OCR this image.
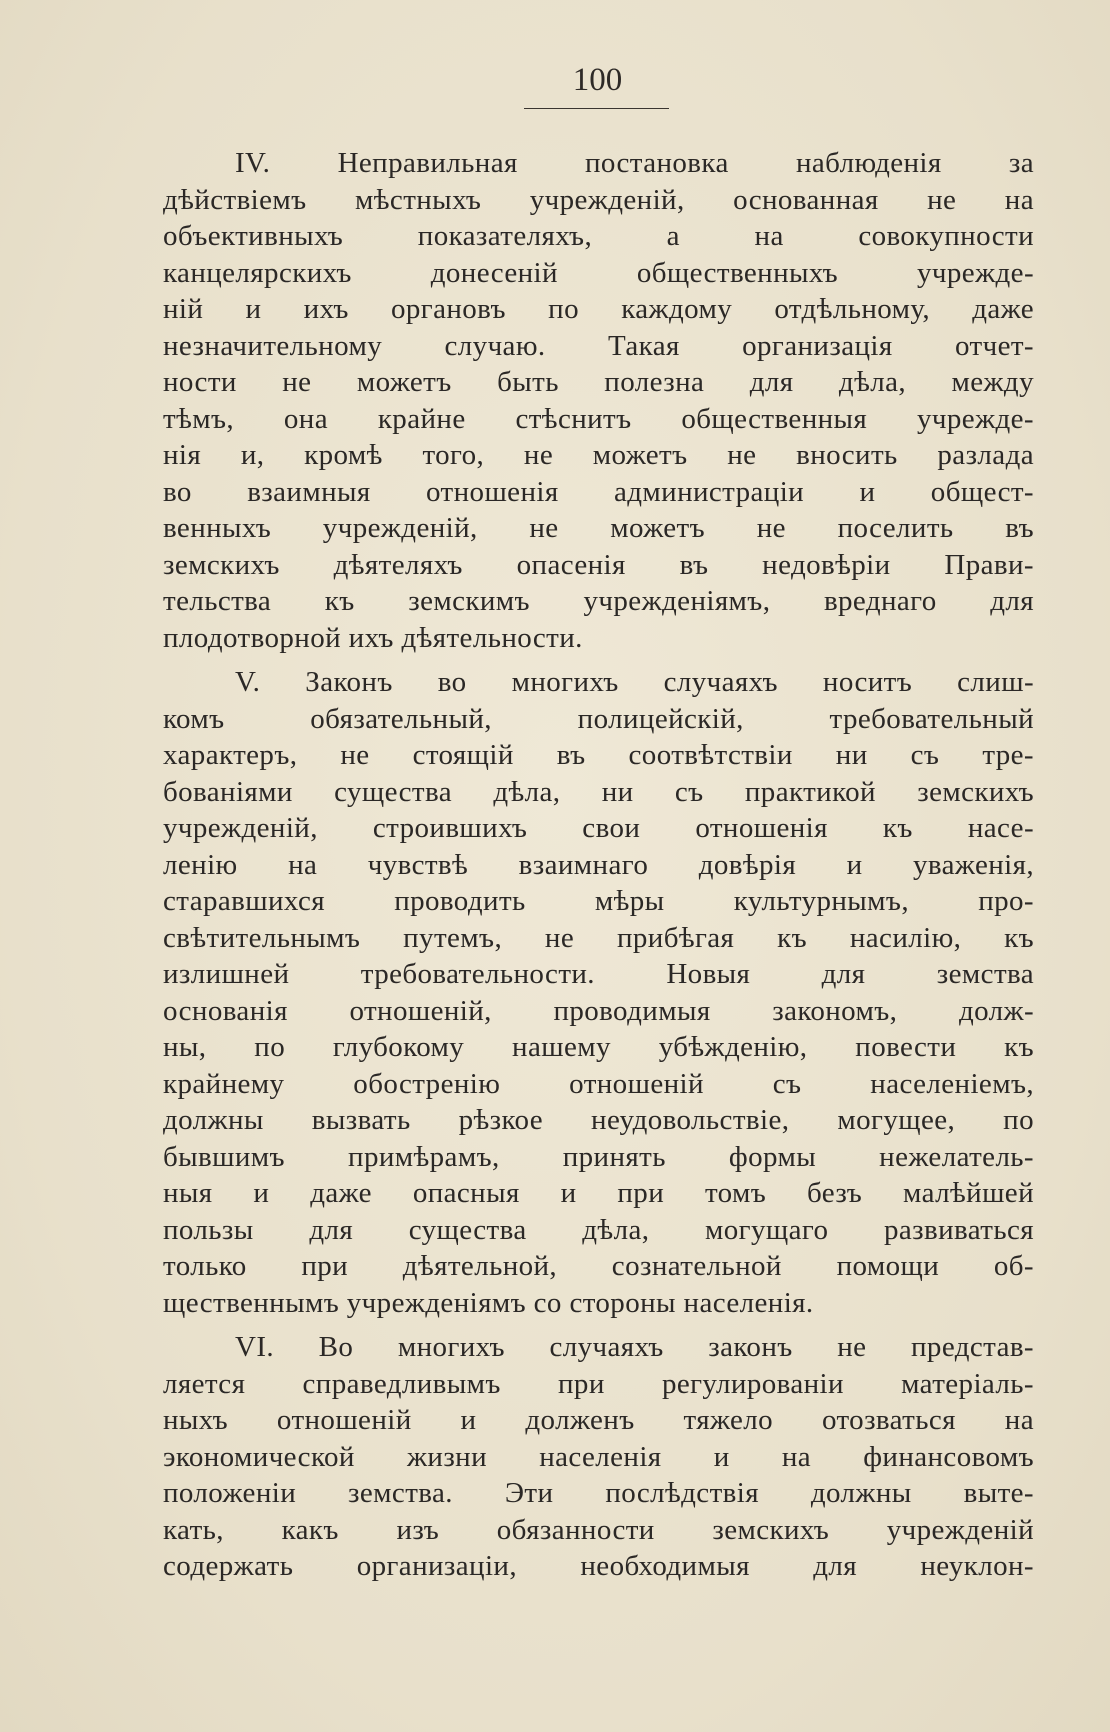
100
IV. Неправильная постановка наблюденія за
дѣйствіемъ мѣстныхъ учрежденій, основанная не на
объективныхъ показателяхъ, а на совокупности
канцелярскихъ донесеній общественныхъ учрежде-
ній и ихъ органовъ по каждому отдѣльному, даже
незначительному случаю. Такая организація отчет-
ности не можетъ быть полезна для дѣла, между
тѣмъ, она крайне стѣснитъ общественныя учрежде-
нія и, кромѣ того, не можетъ не вносить разлада
во взаимныя отношенія администраціи и общест-
венныхъ учрежденій, не можетъ не поселить въ
земскихъ дѣятеляхъ опасенія въ недовѣріи Прави-
тельства къ земскимъ учрежденіямъ, вреднаго для
плодотворной ихъ дѣятельности.
V. Законъ во многихъ случаяхъ носитъ слиш-
комъ обязательный, полицейскій, требовательный
характеръ, не стоящій въ соотвѣтствіи ни съ тре-
бованіями существа дѣла, ни съ практикой земскихъ
учрежденій, строившихъ свои отношенія къ насе-
ленію на чувствѣ взаимнаго довѣрія и уваженія,
старавшихся проводить мѣры культурнымъ, про-
свѣтительнымъ путемъ, не прибѣгая къ насилію, къ
излишней требовательности. Новыя для земства
основанія отношеній, проводимыя закономъ, долж-
ны, по глубокому нашему убѣжденію, повести къ
крайнему обостренію отношеній съ населеніемъ,
должны вызвать рѣзкое неудовольствіе, могущее, по
бывшимъ примѣрамъ, принять формы нежелатель-
ныя и даже опасныя и при томъ безъ малѣйшей
пользы для существа дѣла, могущаго развиваться
только при дѣятельной, сознательной помощи об-
щественнымъ учрежденіямъ со стороны населенія.
VI. Во многихъ случаяхъ законъ не представ-
ляется справедливымъ при регулированіи матеріаль-
ныхъ отношеній и долженъ тяжело отозваться на
экономической жизни населенія и на финансовомъ
положеніи земства. Эти послѣдствія должны выте-
кать, какъ изъ обязанности земскихъ учрежденій
содержать организаціи, необходимыя для неуклон-
